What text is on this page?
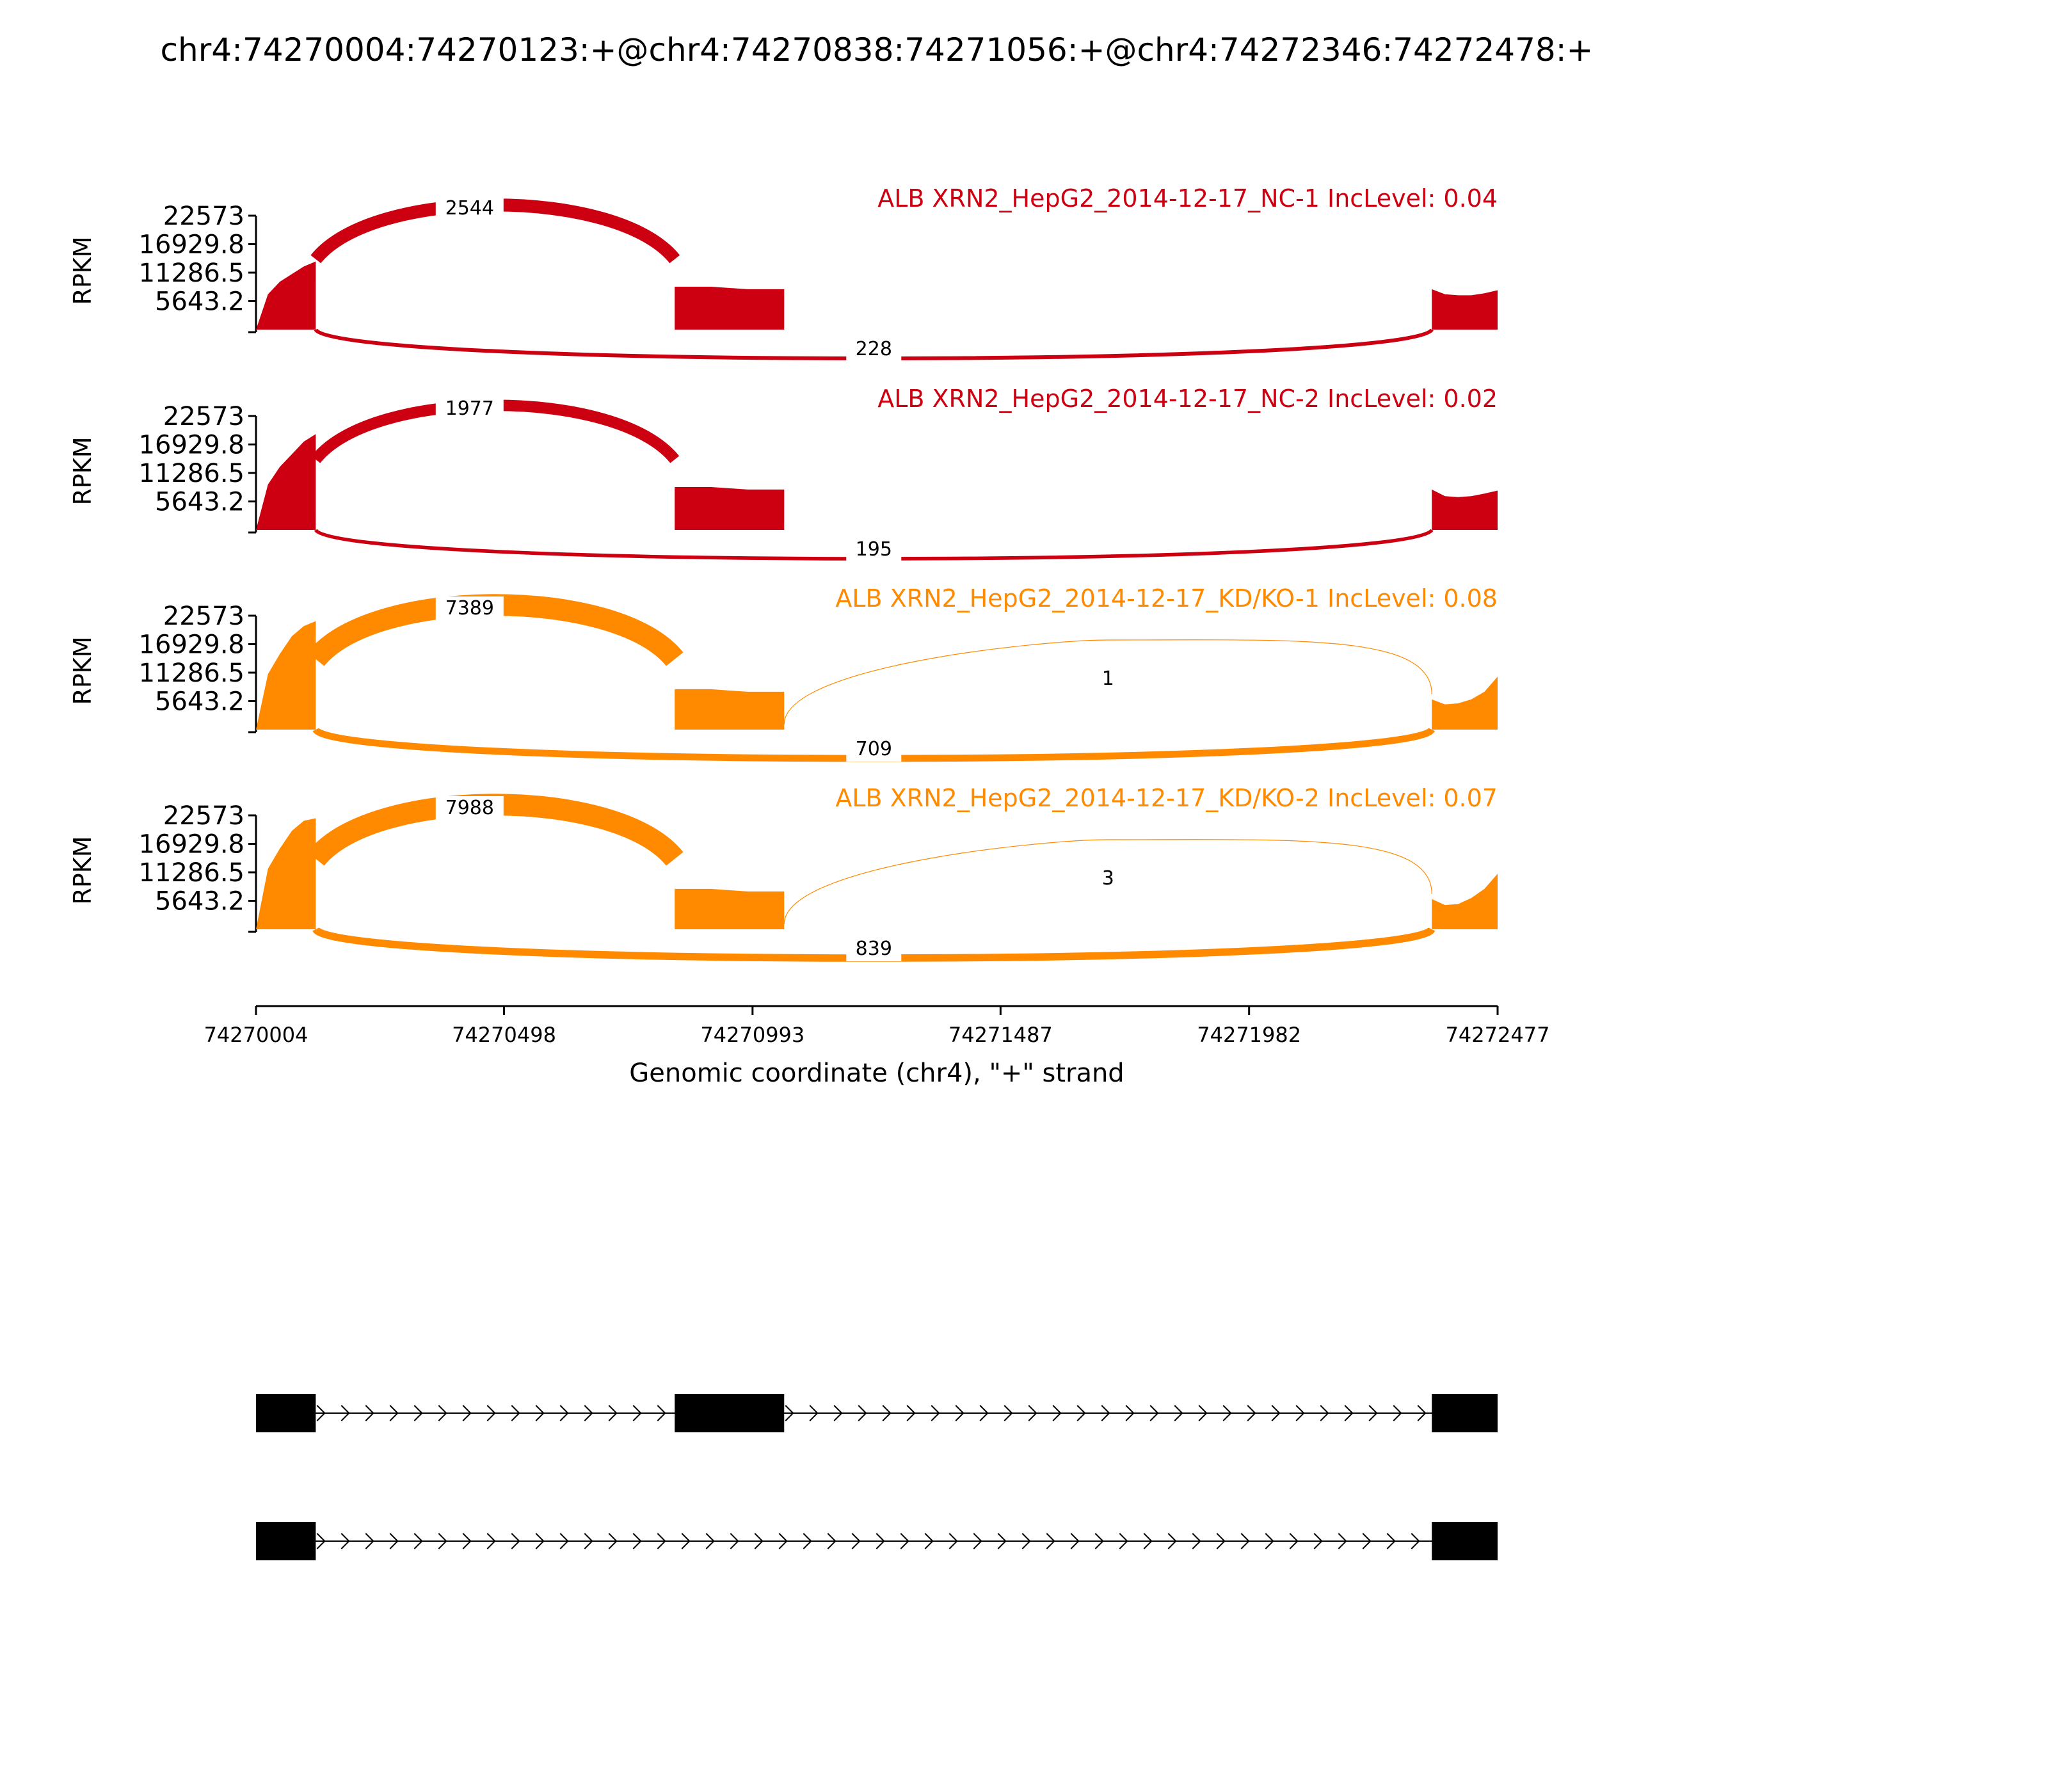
chr4:74270004:74270123:+@chr4:74270838:74271056:+@chr4:74272346:74272478:+
22573
16929.8
11286.5
5643.2
RPKM
ALB XRN2_HepG2_2014-12-17_NC-1 IncLevel: 0.04
2544
228
22573
16929.8
11286.5
5643.2
RPKM
ALB XRN2_HepG2_2014-12-17_NC-2 IncLevel: 0.02
1977
195
22573
16929.8
11286.5
5643.2
RPKM
ALB XRN2_HepG2_2014-12-17_KD/KO-1 IncLevel: 0.08
7389
1
709
22573
16929.8
11286.5
5643.2
RPKM
ALB XRN2_HepG2_2014-12-17_KD/KO-2 IncLevel: 0.07
7988
3
839
74270004	74270498	74270993	74271487	74271982	74272477
Genomic coordinate (chr4), "+" strand
